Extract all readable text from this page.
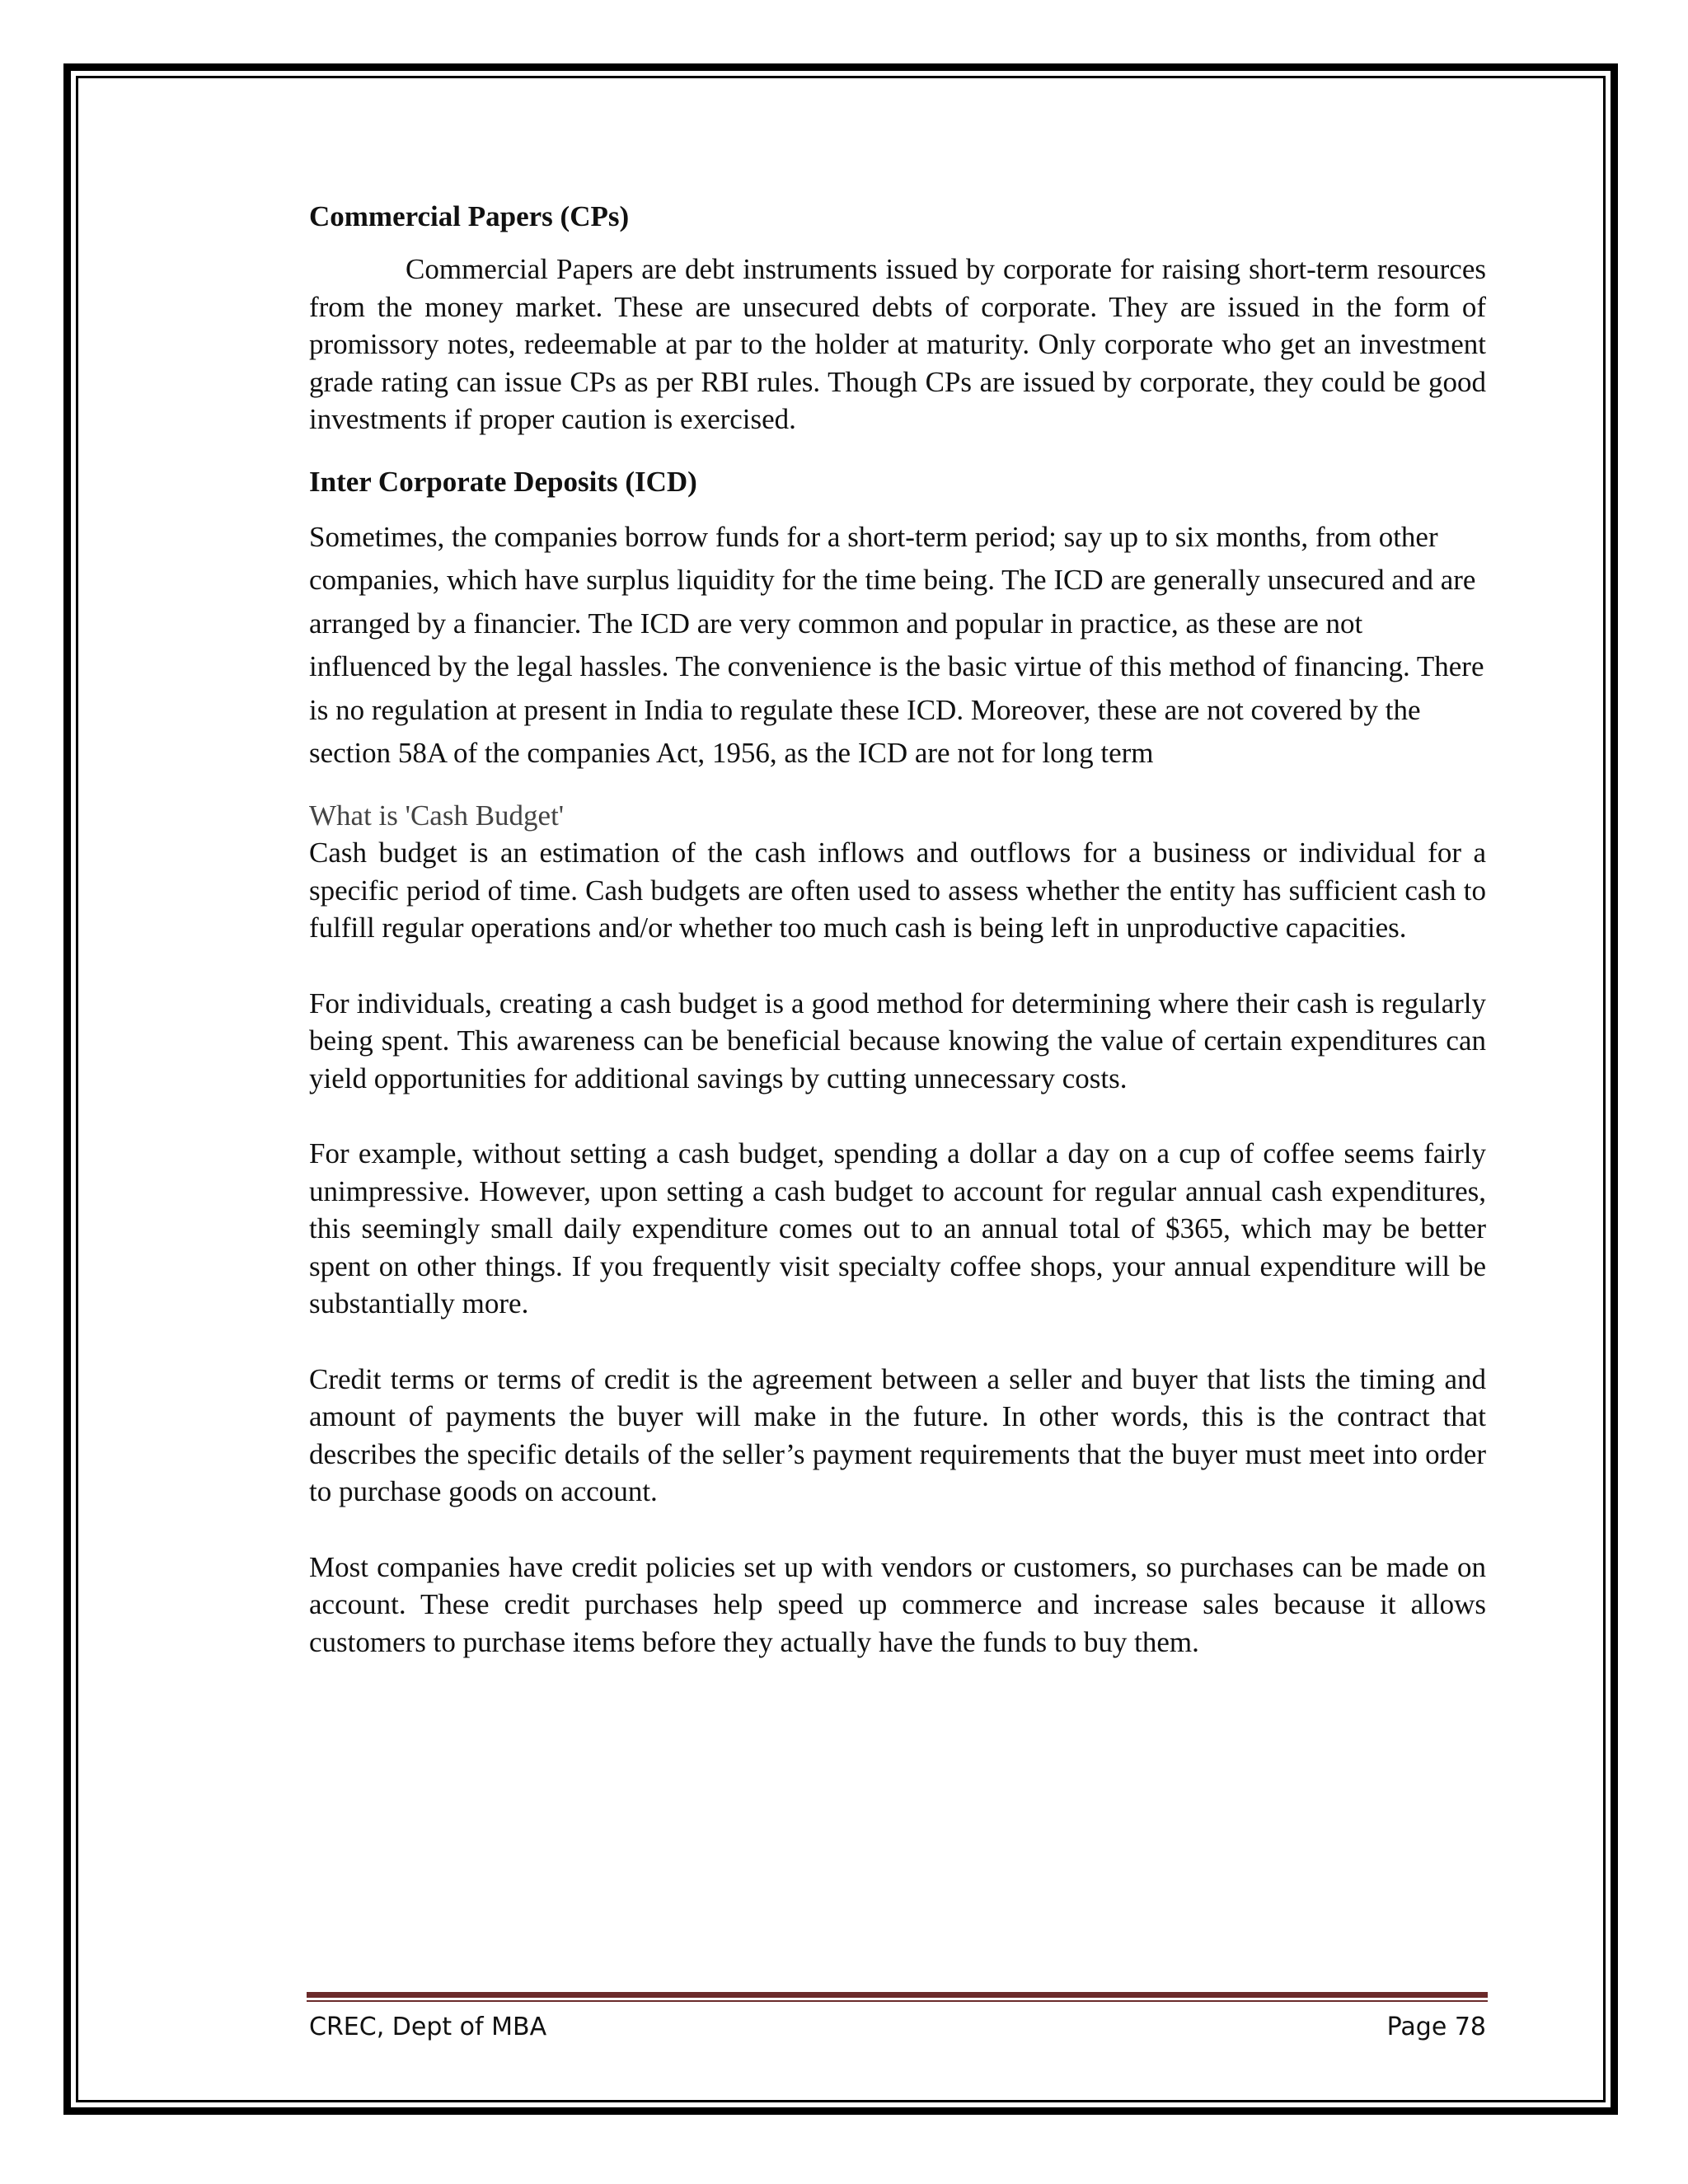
Commercial Papers (CPs)

Commercial Papers are debt instruments issued by corporate for raising short-term resources from the money market. These are unsecured debts of corporate. They are issued in the form of promissory notes, redeemable at par to the holder at maturity. Only corporate who get an investment grade rating can issue CPs as per RBI rules. Though CPs are issued by corporate, they could be good investments if proper caution is exercised.

Inter Corporate Deposits (ICD)

Sometimes, the companies borrow funds for a short-term period; say up to six months, from other companies, which have surplus liquidity for the time being. The ICD are generally unsecured and are arranged by a financier. The ICD are very common and popular in practice, as these are not influenced by the legal hassles. The convenience is the basic virtue of this method of financing. There is no regulation at present in India to regulate these ICD. Moreover, these are not covered by the section 58A of the companies Act, 1956, as the ICD are not for long term

What is 'Cash Budget'

Cash budget is an estimation of the cash inflows and outflows for a business or individual for a specific period of time. Cash budgets are often used to assess whether the entity has sufficient cash to fulfill regular operations and/or whether too much cash is being left in unproductive capacities.

For individuals, creating a cash budget is a good method for determining where their cash is regularly being spent. This awareness can be beneficial because knowing the value of certain expenditures can yield opportunities for additional savings by cutting unnecessary costs.

For example, without setting a cash budget, spending a dollar a day on a cup of coffee seems fairly unimpressive. However, upon setting a cash budget to account for regular annual cash expenditures, this seemingly small daily expenditure comes out to an annual total of $365, which may be better spent on other things. If you frequently visit specialty coffee shops, your annual expenditure will be substantially more.

Credit terms or terms of credit is the agreement between a seller and buyer that lists the timing and amount of payments the buyer will make in the future. In other words, this is the contract that describes the specific details of the seller’s payment requirements that the buyer must meet into order to purchase goods on account.

Most companies have credit policies set up with vendors or customers, so purchases can be made on account. These credit purchases help speed up commerce and increase sales because it allows customers to purchase items before they actually have the funds to buy them.

CREC, Dept of MBA	Page 78
